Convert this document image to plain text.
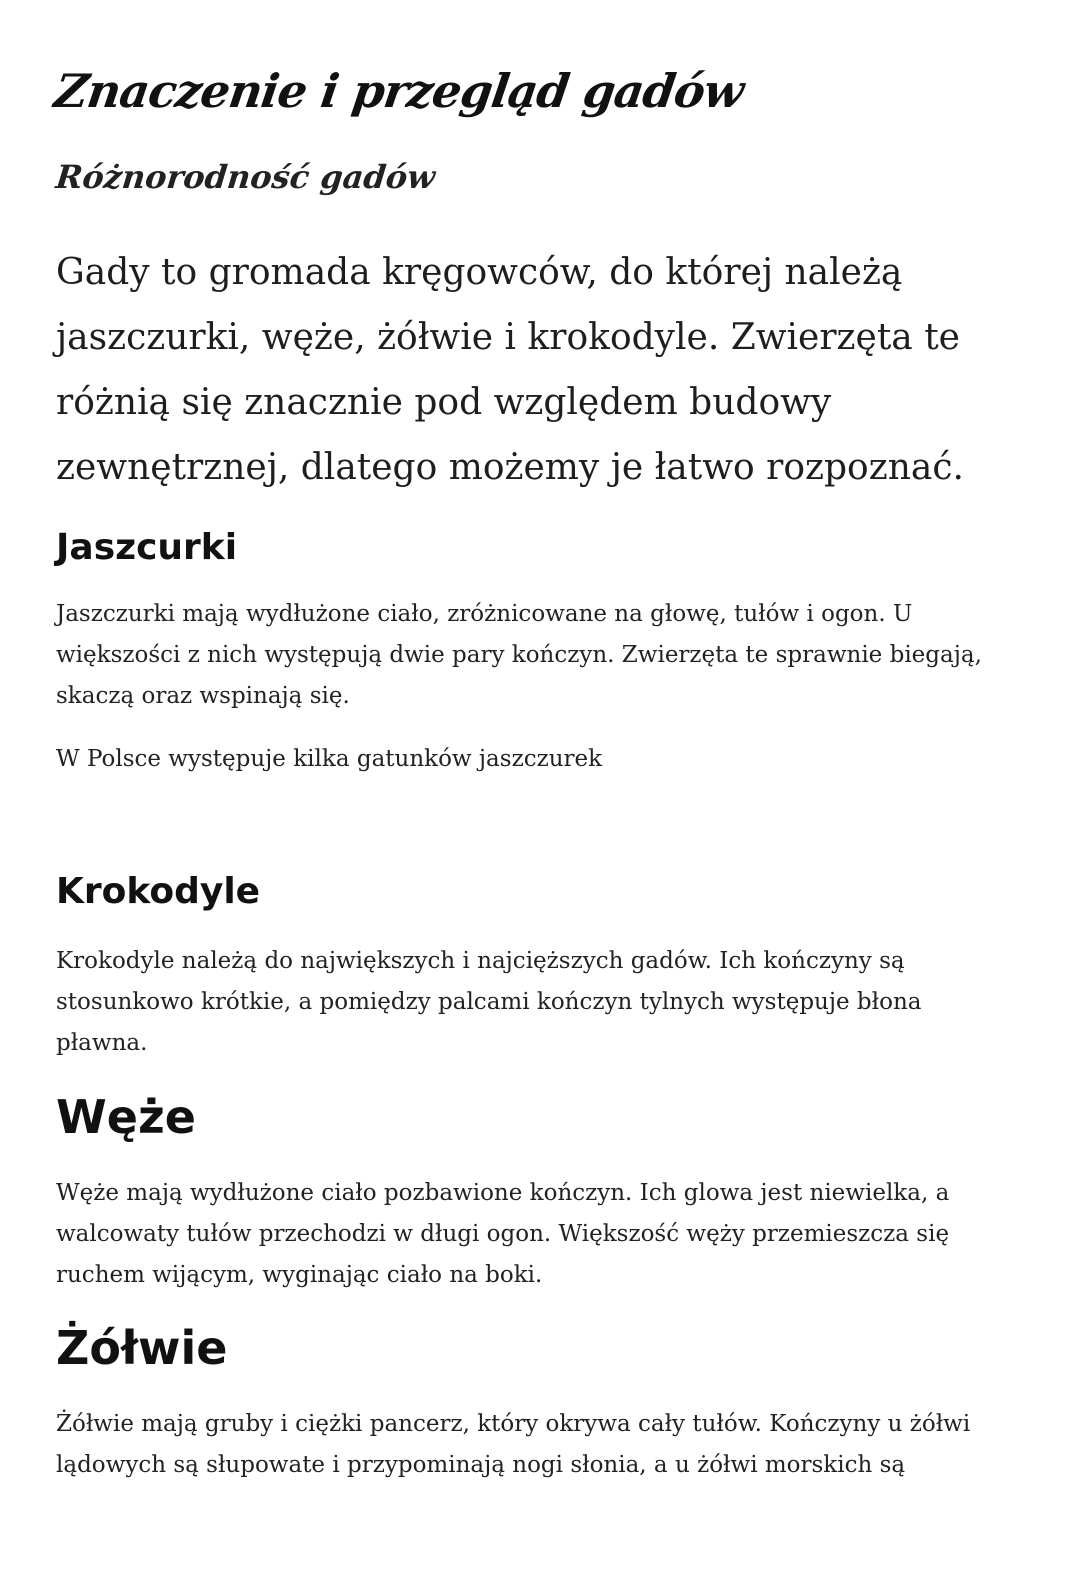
Znaczenie i przegląd gadów
Różnorodność gadów

Gady to gromada kręgowców, do której należą jaszczurki, węże, żółwie i krokodyle. Zwierzęta te różnią się znacznie pod względem budowy zewnętrznej, dlatego możemy je łatwo rozpoznać.

Jaszcurki

Jaszczurki mają wydłużone ciało, zróżnicowane na głowę, tułów i ogon. U większości z nich występują dwie pary kończyn. Zwierzęta te sprawnie biegają, skaczą oraz wspinają się.

W Polsce występuje kilka gatunków jaszczurek

Krokodyle

Krokodyle należą do największych i najcięższych gadów. Ich kończyny są stosunkowo krótkie, a pomiędzy palcami kończyn tylnych występuje błona pławna.

Węże

Węże mają wydłużone ciało pozbawione kończyn. Ich glowa jest niewielka, a walcowaty tułów przechodzi w długi ogon. Większość węży przemieszcza się ruchem wijącym, wyginając ciało na boki.

Żółwie

Żółwie mają gruby i ciężki pancerz, który okrywa cały tułów. Kończyny u żółwi lądowych są słupowate i przypominają nogi słonia, a u żółwi morskich są
